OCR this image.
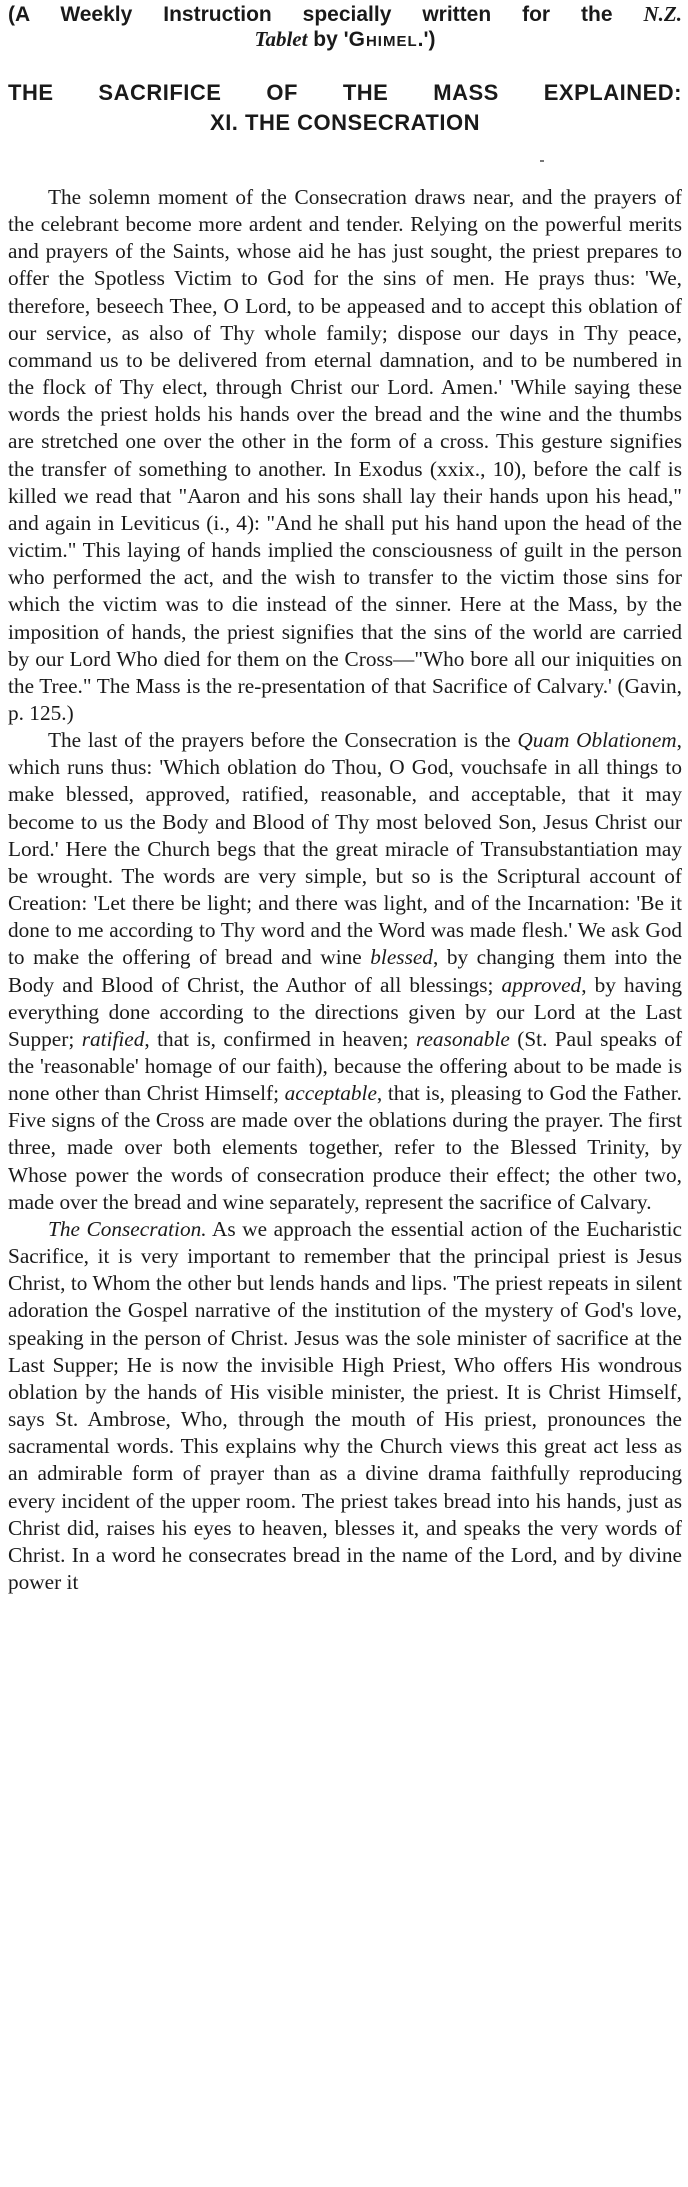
(A Weekly Instruction specially written for the N.Z.
Tablet by 'Ghimel.')
THE SACRIFICE OF THE MASS EXPLAINED:
XI. THE CONSECRATION

The solemn moment of the Consecration draws near, and the prayers of the celebrant become more ardent and tender. Relying on the powerful merits and prayers of the Saints, whose aid he has just sought, the priest prepares to offer the Spotless Victim to God for the sins of men. He prays thus: 'We, therefore, beseech Thee, O Lord, to be appeased and to accept this oblation of our service, as also of Thy whole family; dispose our days in Thy peace, command us to be delivered from eternal damnation, and to be numbered in the flock of Thy elect, through Christ our Lord. Amen.' 'While saying these words the priest holds his hands over the bread and the wine and the thumbs are stretched one over the other in the form of a cross. This gesture signifies the transfer of something to another. In Exodus (xxix., 10), before the calf is killed we read that "Aaron and his sons shall lay their hands upon his head," and again in Leviticus (i., 4): "And he shall put his hand upon the head of the victim." This laying of hands implied the consciousness of guilt in the person who performed the act, and the wish to transfer to the victim those sins for which the victim was to die instead of the sinner. Here at the Mass, by the imposition of hands, the priest signifies that the sins of the world are carried by our Lord Who died for them on the Cross—"Who bore all our iniquities on the Tree." The Mass is the re-presentation of that Sacrifice of Calvary.' (Gavin, p. 125.)

The last of the prayers before the Consecration is the Quam Oblationem, which runs thus: 'Which oblation do Thou, O God, vouchsafe in all things to make blessed, approved, ratified, reasonable, and acceptable, that it may become to us the Body and Blood of Thy most beloved Son, Jesus Christ our Lord.' Here the Church begs that the great miracle of Transubstantiation may be wrought. The words are very simple, but so is the Scriptural account of Creation: 'Let there be light; and there was light, and of the Incarnation: 'Be it done to me according to Thy word and the Word was made flesh.' We ask God to make the offering of bread and wine blessed, by changing them into the Body and Blood of Christ, the Author of all blessings; approved, by having everything done according to the directions given by our Lord at the Last Supper; ratified, that is, confirmed in heaven; reasonable (St. Paul speaks of the 'reasonable' homage of our faith), because the offering about to be made is none other than Christ Himself; acceptable, that is, pleasing to God the Father. Five signs of the Cross are made over the oblations during the prayer. The first three, made over both elements together, refer to the Blessed Trinity, by Whose power the words of consecration produce their effect; the other two, made over the bread and wine separately, represent the sacrifice of Calvary.

The Consecration. As we approach the essential action of the Eucharistic Sacrifice, it is very important to remember that the principal priest is Jesus Christ, to Whom the other but lends hands and lips. 'The priest repeats in silent adoration the Gospel narrative of the institution of the mystery of God's love, speaking in the person of Christ. Jesus was the sole minister of sacrifice at the Last Supper; He is now the invisible High Priest, Who offers His wondrous oblation by the hands of His visible minister, the priest. It is Christ Himself, says St. Ambrose, Who, through the mouth of His priest, pronounces the sacramental words. This explains why the Church views this great act less as an admirable form of prayer than as a divine drama faithfully reproducing every incident of the upper room. The priest takes bread into his hands, just as Christ did, raises his eyes to heaven, blesses it, and speaks the very words of Christ. In a word he consecrates bread in the name of the Lord, and by divine power it
